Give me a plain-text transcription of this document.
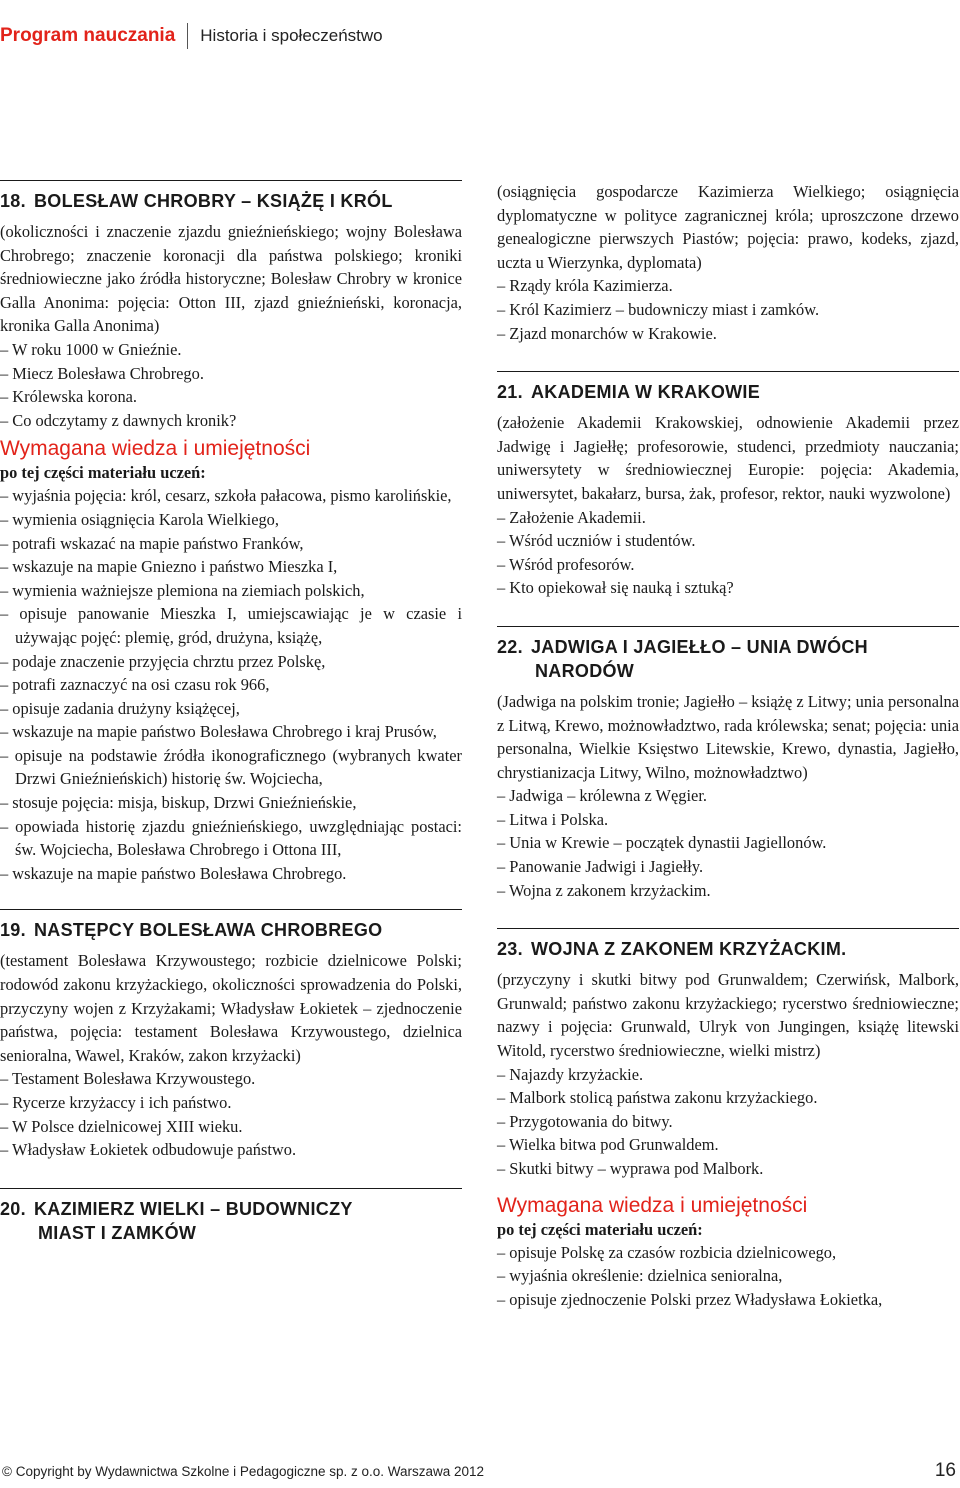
Program nauczania Historia i społeczeństwo
18. BOLESŁAW CHROBRY – KSIĄŻĘ I KRÓL

(okoliczności i znaczenie zjazdu gnieźnieńskiego; wojny Bolesława Chrobrego; znaczenie koronacji dla państwa polskiego; kroniki średniowieczne jako źródła historyczne; Bolesław Chrobry w kronice Galla Anonima: pojęcia: Otton III, zjazd gnieźnieński, koronacja, kronika Galla Anonima)

– W roku 1000 w Gnieźnie.

– Miecz Bolesława Chrobrego.

– Królewska korona.

– Co odczytamy z dawnych kronik?

Wymagana wiedza i umiejętności
po tej części materiału uczeń:

– wyjaśnia pojęcia: król, cesarz, szkoła pałacowa, pismo karolińskie,

– wymienia osiągnięcia Karola Wielkiego,

– potrafi wskazać na mapie państwo Franków,

– wskazuje na mapie Gniezno i państwo Mieszka I,

– wymienia ważniejsze plemiona na ziemiach polskich,

– opisuje panowanie Mieszka I, umiejscawiając je w czasie i używając pojęć: plemię, gród, drużyna, książę,

– podaje znaczenie przyjęcia chrztu przez Polskę,

– potrafi zaznaczyć na osi czasu rok 966,

– opisuje zadania drużyny książęcej,

– wskazuje na mapie państwo Bolesława Chrobrego i kraj Prusów,

– opisuje na podstawie źródła ikonograficznego (wybranych kwater Drzwi Gnieźnieńskich) historię św. Wojciecha,

– stosuje pojęcia: misja, biskup, Drzwi Gnieźnieńskie,

– opowiada historię zjazdu gnieźnieńskiego, uwzględniając postaci: św. Wojciecha, Bolesława Chrobrego i Ottona III,

– wskazuje na mapie państwo Bolesława Chrobrego.

19. NASTĘPCY BOLESŁAWA CHROBREGO

(testament Bolesława Krzywoustego; rozbicie dzielnicowe Polski; rodowód zakonu krzyżackiego, okoliczności sprowadzenia do Polski, przyczyny wojen z Krzyżakami; Władysław Łokietek – zjednoczenie państwa, pojęcia: testament Bolesława Krzywoustego, dzielnica senioralna, Wawel, Kraków, zakon krzyżacki)

– Testament Bolesława Krzywoustego.

– Rycerze krzyżaccy i ich państwo.

– W Polsce dzielnicowej XIII wieku.

– Władysław Łokietek odbudowuje państwo.

20. KAZIMIERZ WIELKI – BUDOWNICZY
MIAST I ZAMKÓW

(osiągnięcia gospodarcze Kazimierza Wielkiego; osiągnięcia dyplomatyczne w polityce zagranicznej króla; uproszczone drzewo genealogiczne pierwszych Piastów; pojęcia: prawo, kodeks, zjazd, uczta u Wierzynka, dyplomata)

– Rządy króla Kazimierza.

– Król Kazimierz – budowniczy miast i zamków.

– Zjazd monarchów w Krakowie.

21. AKADEMIA W KRAKOWIE

(założenie Akademii Krakowskiej, odnowienie Akademii przez Jadwigę i Jagiełłę; profesorowie, studenci, przedmioty nauczania; uniwersytety w średniowiecznej Europie: pojęcia: Akademia, uniwersytet, bakałarz, bursa, żak, profesor, rektor, nauki wyzwolone)

– Założenie Akademii.

– Wśród uczniów i studentów.

– Wśród profesorów.

– Kto opiekował się nauką i sztuką?

22. JADWIGA I JAGIEŁŁO – UNIA DWÓCH
NARODÓW

(Jadwiga na polskim tronie; Jagiełło – książę z Litwy; unia personalna z Litwą, Krewo, możnowładztwo, rada królewska; senat; pojęcia: unia personalna, Wielkie Księstwo Litewskie, Krewo, dynastia, Jagiełło, chrystianizacja Litwy, Wilno, możnowładztwo)

– Jadwiga – królewna z Węgier.

– Litwa i Polska.

– Unia w Krewie – początek dynastii Jagiellonów.

– Panowanie Jadwigi i Jagiełły.

– Wojna z zakonem krzyżackim.

23. WOJNA Z ZAKONEM KRZYŻACKIM.

(przyczyny i skutki bitwy pod Grunwaldem; Czerwińsk, Malbork, Grunwald; państwo zakonu krzyżackiego; rycerstwo średniowieczne; nazwy i pojęcia: Grunwald, Ulryk von Jungingen, książę litewski Witold, rycerstwo średniowieczne, wielki mistrz)

– Najazdy krzyżackie.

– Malbork stolicą państwa zakonu krzyżackiego.

– Przygotowania do bitwy.

– Wielka bitwa pod Grunwaldem.

– Skutki bitwy – wyprawa pod Malbork.

Wymagana wiedza i umiejętności
po tej części materiału uczeń:

– opisuje Polskę za czasów rozbicia dzielnicowego,

– wyjaśnia określenie: dzielnica senioralna,

– opisuje zjednoczenie Polski przez Władysława Łokietka,

© Copyright by Wydawnictwa Szkolne i Pedagogiczne sp. z o.o. Warszawa 2012	16
